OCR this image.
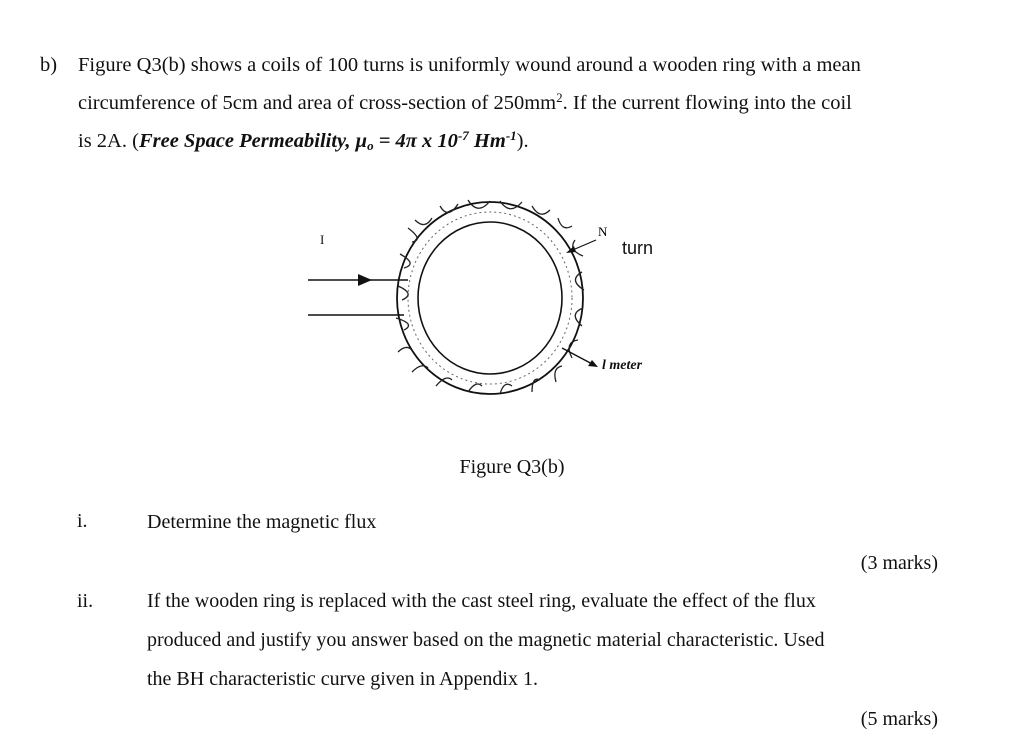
b) Figure Q3(b) shows a coils of 100 turns is uniformly wound around a wooden ring with a mean
circumference of 5cm and area of cross-section of $250mm^2$. If the current flowing into the coil
is 2A. (Free Space Permeability, $\mu_o = 4\pi$ x $10^{-7}$ $Hm^{-1}$).
N
I	turn
l meter
Figure Q3(b)
i.	Determine the magnetic flux
(3 marks)
ii.	If the wooden ring is replaced with the cast steel ring, evaluate the effect of the flux
produced and justify you answer based on the magnetic material characteristic. Used
the BH characteristic curve given in Appendix 1.
(5 marks)
